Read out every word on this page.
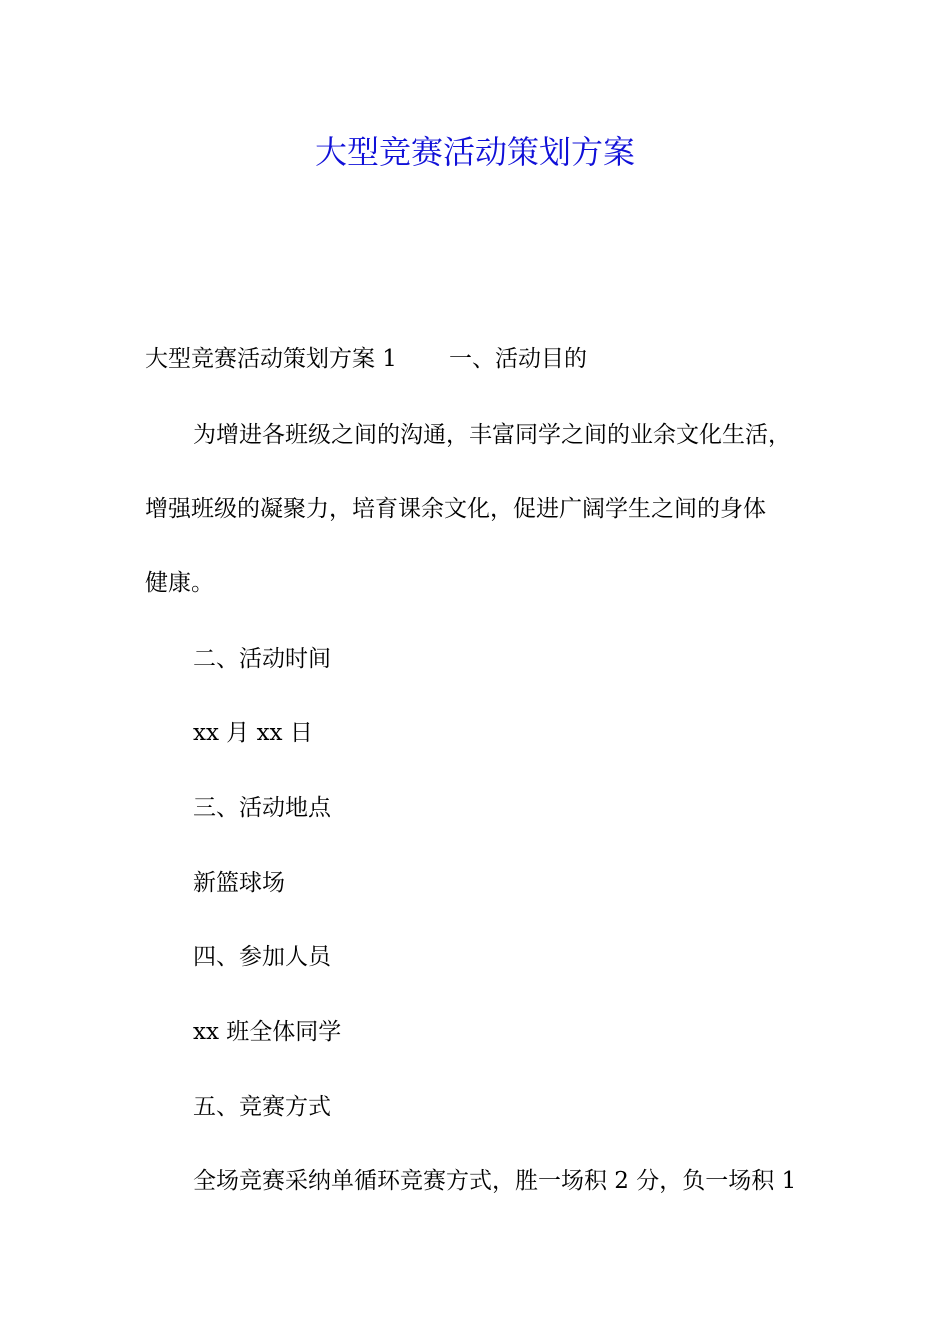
大型竞赛活动策划方案

大型竞赛活动策划方案 1 一、活动目的

为增进各班级之间的沟通，丰富同学之间的业余文化生活，

增强班级的凝聚力，培育课余文化，促进广阔学生之间的身体

健康。

二、活动时间

xx 月 xx 日

三、活动地点

新篮球场

四、参加人员

xx 班全体同学

五、竞赛方式

全场竞赛采纳单循环竞赛方式，胜一场积 2 分，负一场积 1
